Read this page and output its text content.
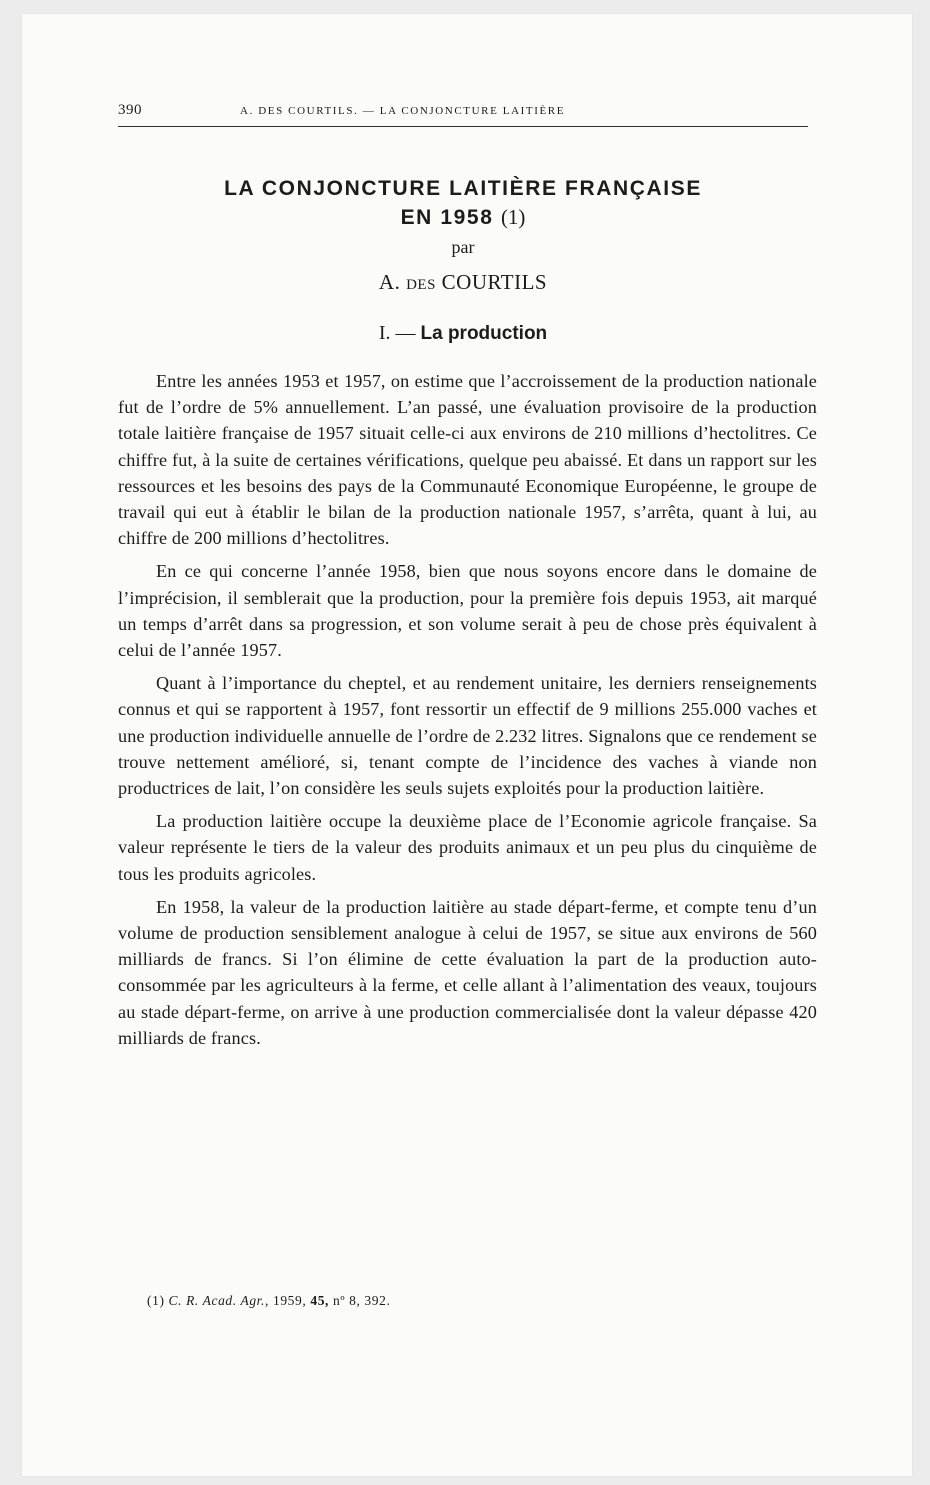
390	A. DES COURTILS. — LA CONJONCTURE LAITIÈRE
LA CONJONCTURE LAITIÈRE FRANÇAISE
EN 1958 (1)
par
A. des COURTILS
I. — La production

Entre les années 1953 et 1957, on estime que l’accroissement de la production nationale fut de l’ordre de 5% annuellement. L’an passé, une évaluation provisoire de la production totale laitière française de 1957 situait celle-ci aux environs de 210 millions d’hectolitres. Ce chiffre fut, à la suite de certaines vérifications, quelque peu abaissé. Et dans un rapport sur les ressources et les besoins des pays de la Communauté Economique Européenne, le groupe de travail qui eut à établir le bilan de la production nationale 1957, s’arrêta, quant à lui, au chiffre de 200 millions d’hectolitres.

En ce qui concerne l’année 1958, bien que nous soyons encore dans le domaine de l’imprécision, il semblerait que la production, pour la première fois depuis 1953, ait marqué un temps d’arrêt dans sa progression, et son volume serait à peu de chose près équivalent à celui de l’année 1957.

Quant à l’importance du cheptel, et au rendement unitaire, les derniers renseignements connus et qui se rapportent à 1957, font ressortir un effectif de 9 millions 255.000 vaches et une production individuelle annuelle de l’ordre de 2.232 litres. Signalons que ce rendement se trouve nettement amélioré, si, tenant compte de l’incidence des vaches à viande non productrices de lait, l’on considère les seuls sujets exploités pour la production laitière.

La production laitière occupe la deuxième place de l’Economie agricole française. Sa valeur représente le tiers de la valeur des produits animaux et un peu plus du cinquième de tous les produits agricoles.

En 1958, la valeur de la production laitière au stade départ-ferme, et compte tenu d’un volume de production sensiblement analogue à celui de 1957, se situe aux environs de 560 milliards de francs. Si l’on élimine de cette évaluation la part de la production auto-consommée par les agriculteurs à la ferme, et celle allant à l’alimentation des veaux, toujours au stade départ-ferme, on arrive à une production commercialisée dont la valeur dépasse 420 milliards de francs.

(1) C. R. Acad. Agr., 1959, 45, nº 8, 392.
